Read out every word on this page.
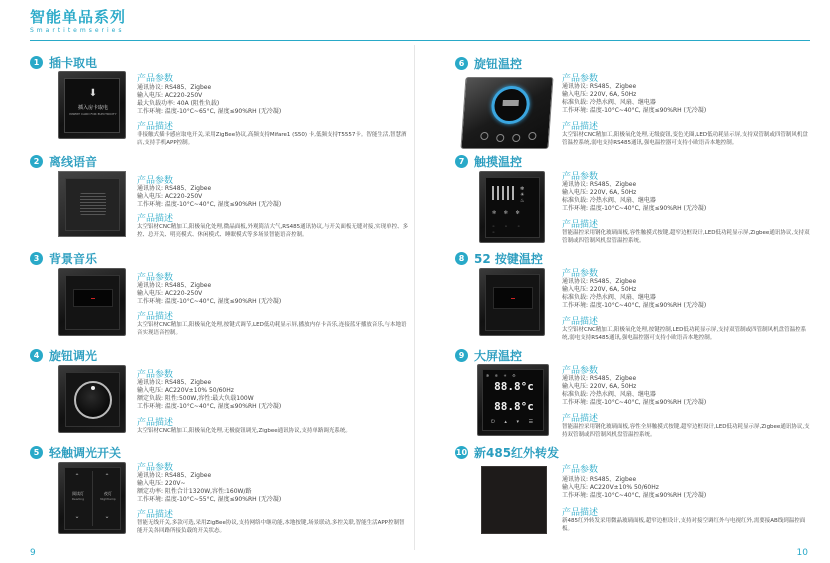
智能单品系列
Smartitemseries
1 插卡取电
⬇
插入房卡取电
INSERT CARD FOR ELECTRICITY
产品参数
通讯协议: RS485、Zigbee
输入电压: AC220-250V
最大负载功率: 40A (阻性负载)
工作环境: 温度-10°C~65°C, 湿度≤90%RH (无冷凝)
产品描述
非接触式插卡感应取电开关,采用ZigBee协议,高频支持Mifare1 (S50) 卡,低频支持T5557卡。智能生活,智慧酒店,支持手机APP控制。
2 离线语音
产品参数
通讯协议: RS485、Zigbee
输入电压: AC220-250V
工作环境: 温度-10°C~40°C, 湿度≤90%RH (无冷凝)
产品描述
太空铝材CNC精加工,阳极氧化处理,微晶面板,外观简洁大气,RS485通讯协议,与开关面板无缝对接,实现单控、多控、总开关、明亮模式、休闲模式、睡眠模式等多场景智能语音控制。
3 背景音乐
产品参数
通讯协议: RS485、Zigbee
输入电压: AC220-250V
工作环境: 温度-10°C~40°C, 湿度≤90%RH (无冷凝)
产品描述
太空铝材CNC精加工,阳极氧化处理,按键式调节,LED低功耗显示屏,播放内存卡音乐,连接蓝牙播放音乐,与本地语音实现语音控制。
4 旋钮调光
产品参数
通讯协议: RS485、Zigbee
输入电压: AC220V±10% 50/60Hz
额定负载: 阻性:500W,容性:最大负载100W
工作环境: 温度-10°C~40°C, 湿度≤90%RH (无冷凝)
产品描述
太空铝材CNC精加工,阳极氧化处理,无极旋钮调光,Zigbee通讯协议,支持单路调光系统。
5 轻触调光开关
⌃	⌃
阅读灯
Reading
夜灯
Nightlamp
⌄	⌄
产品参数
通讯协议: RS485、Zigbee
输入电压: 220V~
额定功率: 阻性合计1320W,容性:160W/路
工作环境: 温度-10°C~55°C, 湿度≤90%RH (无冷凝)
产品描述
智能无线开关,多款可选,采用ZigBee协议,支持网络中继功能,本地按键,场景联动,多控关联,智能生活APP控制智能开关各回路所接负载的开关状态。
6 旋钮温控
产品参数
通讯协议: RS485、Zigbee
输入电压: 220V, 6A, 50Hz
标准负载: 冷热水阀、风扇、继电器
工作环境: 温度-10°C~40°C, 湿度≤90%RH (无冷凝)
产品描述
太空铝材CNC精加工,阳极氧化处理,无级旋钮,变色光圈,LED低功耗显示屏,支持双管制或四管制风机盘管温控系统,弱电支持RS485通讯,强电温控器可支持小欧语音本地控制。
7 触摸温控
❄
☀
♨
✻ ✻ ✻
◦ ◦ ◦ ◦
产品参数
通讯协议: RS485、Zigbee
输入电压: 220V, 6A, 50Hz
标准负载: 冷热水阀、风扇、继电器
工作环境: 温度-10°C~40°C, 湿度≤90%RH (无冷凝)
产品描述
智能温控采用钢化玻璃面板,容性触摸式按键,超窄边框设计,LED低功耗显示屏,Zigbee通讯协议,支持双管制或四管制风机盘管温控系统。
8 52 按键温控
产品参数
通讯协议: RS485、Zigbee
输入电压: 220V, 6A, 50Hz
标准负载: 冷热水阀、风扇、继电器
工作环境: 温度-10°C~40°C, 湿度≤90%RH (无冷凝)
产品描述
太空铝材CNC精加工,阳极氧化处理,按键控制,LED低功耗显示屏,支持双管制或四管制风机盘管温控系统,弱电支持RS485通讯,强电温控器可支持小欧语音本地控制。
9 大屏温控
✻ ❄ ☀ ⚙
88.8°c
88.8°c
⏻ ▴ ▾ ☰
产品参数
通讯协议: RS485、Zigbee
输入电压: 220V, 6A, 50Hz
标准负载: 冷热水阀、风扇、继电器
工作环境: 温度-10°C~40°C, 湿度≤90%RH (无冷凝)
产品描述
智能温控采用钢化玻璃面板,容性全屏触摸式按键,超窄边框设计,LED低功耗显示屏,Zigbee通讯协议,支持双管制或四管制风机盘管温控系统。
10 新485红外转发
产品参数
通讯协议: RS485、Zigbee
输入电压: AC220V±10% 50/60Hz
工作环境: 温度-10°C~40°C, 湿度≤90%RH (无冷凝)
产品描述
新485红外转发采用微晶玻璃面板,超窄边框设计,支持对接空调红外与电视红外,需要接AB线到温控面板。
9	10
